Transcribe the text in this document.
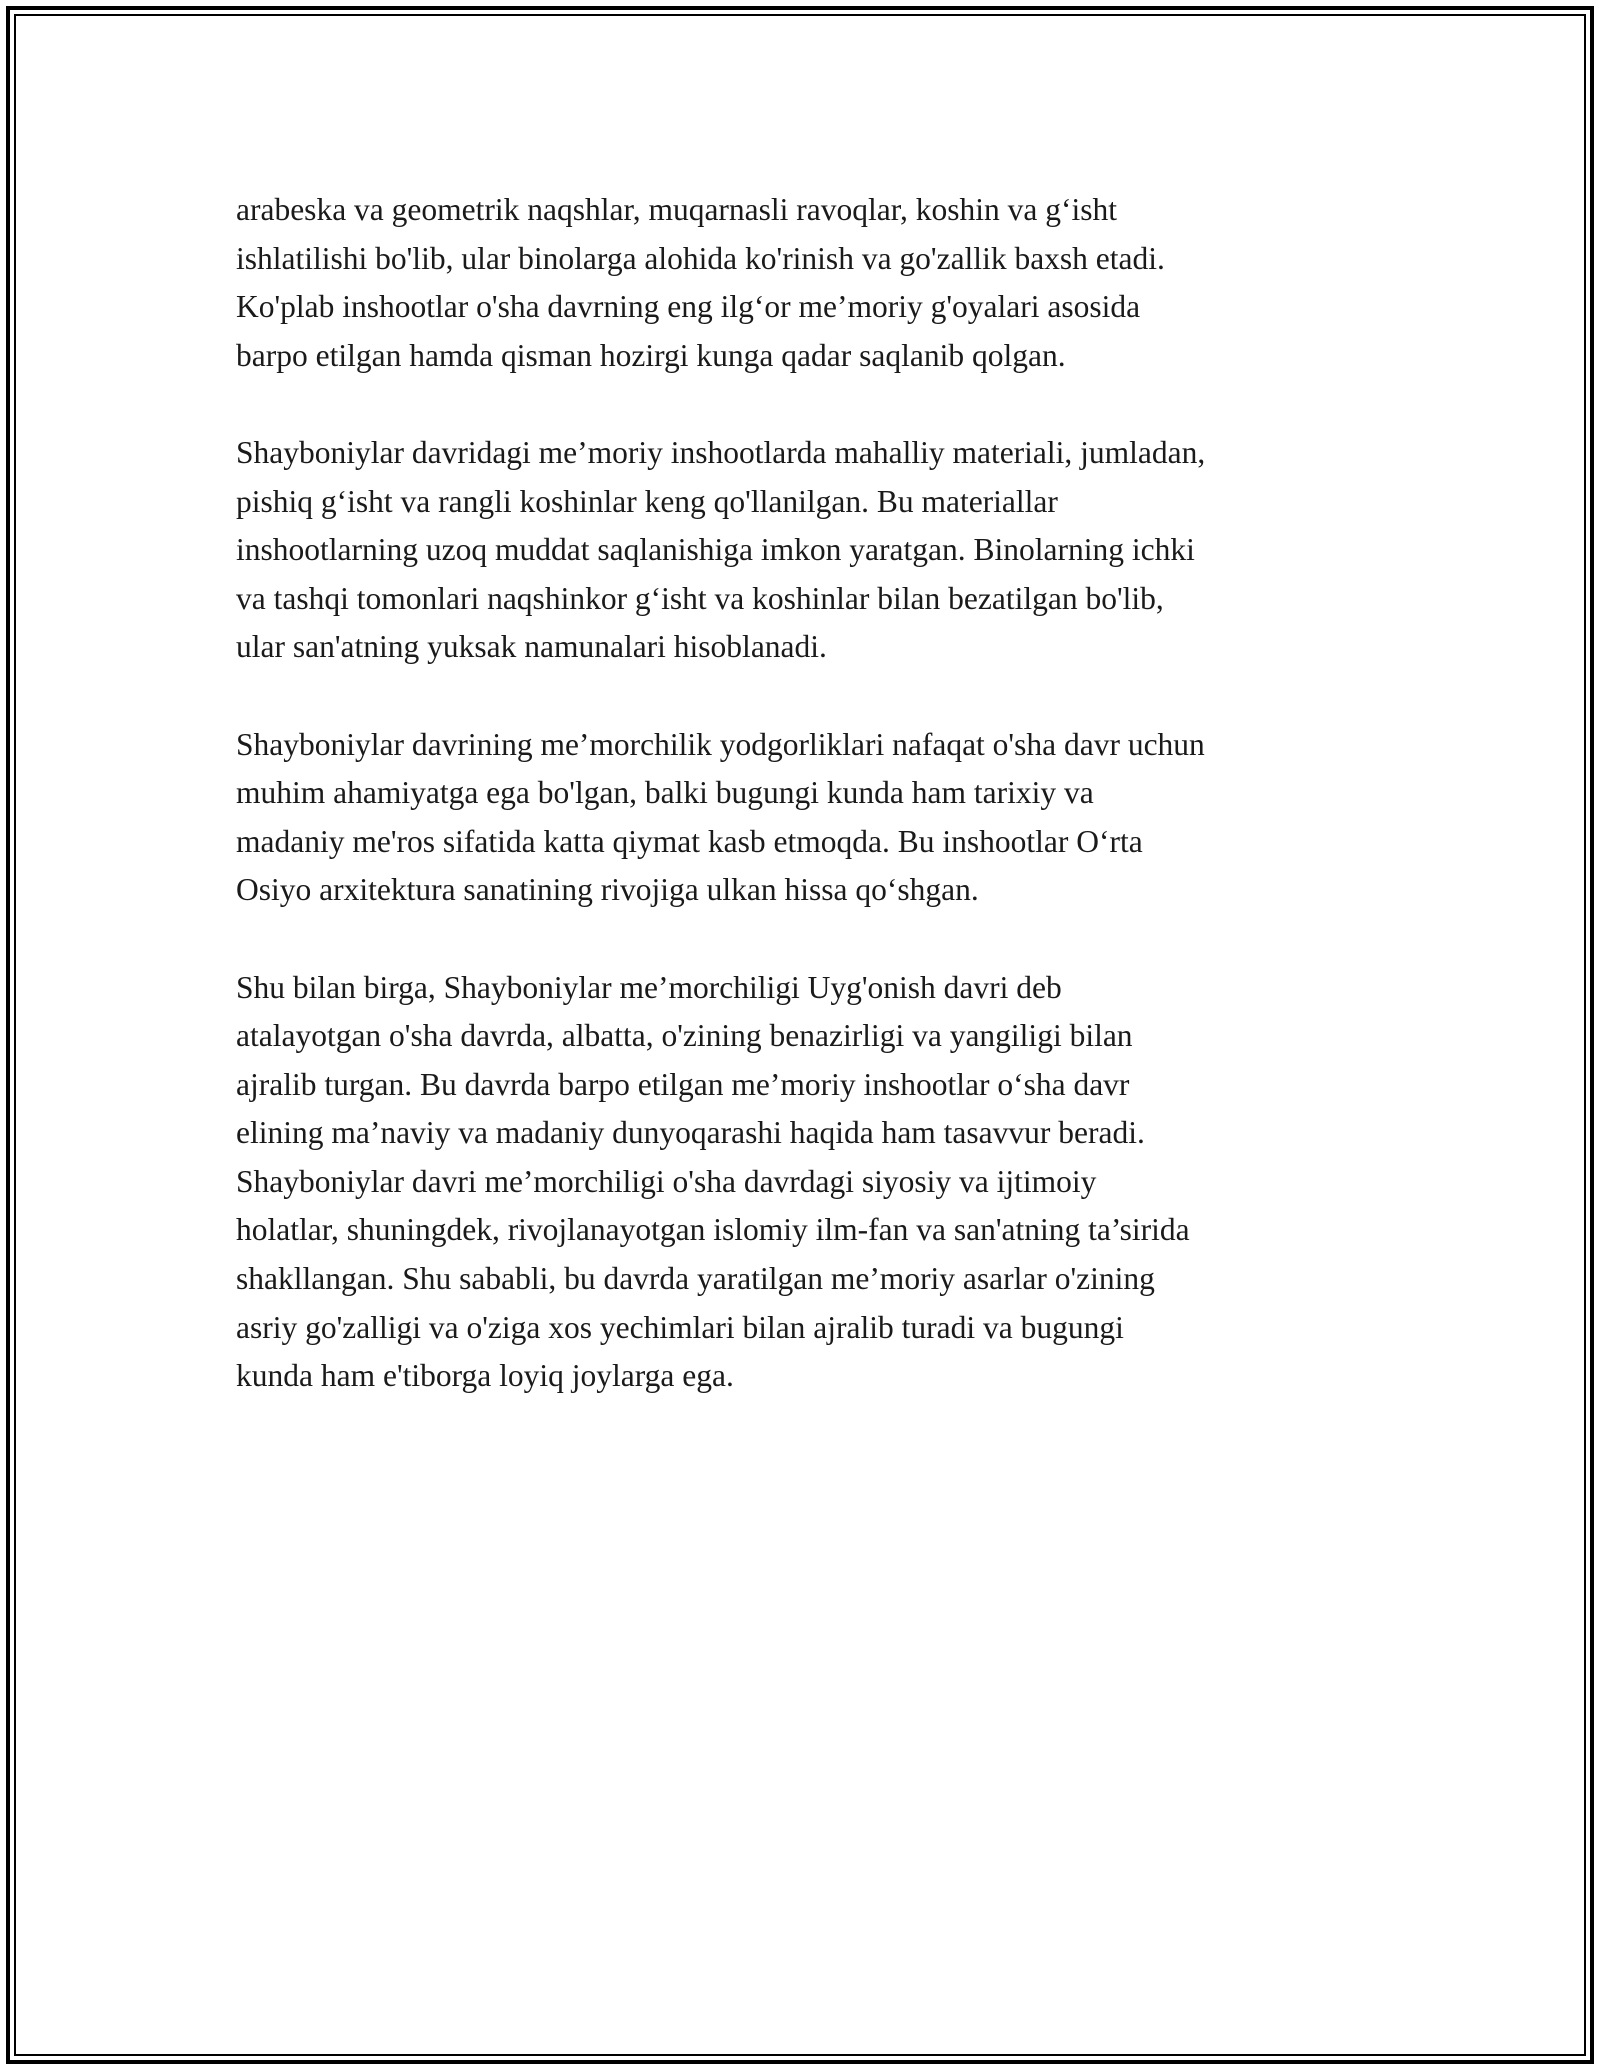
arabeska va geometrik naqshlar, muqarnasli ravoqlar, koshin va g‘isht
ishlatilishi bo'lib, ular binolarga alohida ko'rinish va go'zallik baxsh etadi.
Ko'plab inshootlar o'sha davrning eng ilg‘or me’moriy g'oyalari asosida
barpo etilgan hamda qisman hozirgi kunga qadar saqlanib qolgan.

Shayboniylar davridagi me’moriy inshootlarda mahalliy materiali, jumladan,
pishiq g‘isht va rangli koshinlar keng qo'llanilgan. Bu materiallar
inshootlarning uzoq muddat saqlanishiga imkon yaratgan. Binolarning ichki
va tashqi tomonlari naqshinkor g‘isht va koshinlar bilan bezatilgan bo'lib,
ular san'atning yuksak namunalari hisoblanadi.

Shayboniylar davrining me’morchilik yodgorliklari nafaqat o'sha davr uchun
muhim ahamiyatga ega bo'lgan, balki bugungi kunda ham tarixiy va
madaniy me'ros sifatida katta qiymat kasb etmoqda. Bu inshootlar O‘rta
Osiyo arxitektura sanatining rivojiga ulkan hissa qo‘shgan.

Shu bilan birga, Shayboniylar me’morchiligi Uyg'onish davri deb
atalayotgan o'sha davrda, albatta, o'zining benazirligi va yangiligi bilan
ajralib turgan. Bu davrda barpo etilgan me’moriy inshootlar o‘sha davr
elining ma’naviy va madaniy dunyoqarashi haqida ham tasavvur beradi.
Shayboniylar davri me’morchiligi o'sha davrdagi siyosiy va ijtimoiy
holatlar, shuningdek, rivojlanayotgan islomiy ilm-fan va san'atning ta’sirida
shakllangan. Shu sababli, bu davrda yaratilgan me’moriy asarlar o'zining
asriy go'zalligi va o'ziga xos yechimlari bilan ajralib turadi va bugungi
kunda ham e'tiborga loyiq joylarga ega.
